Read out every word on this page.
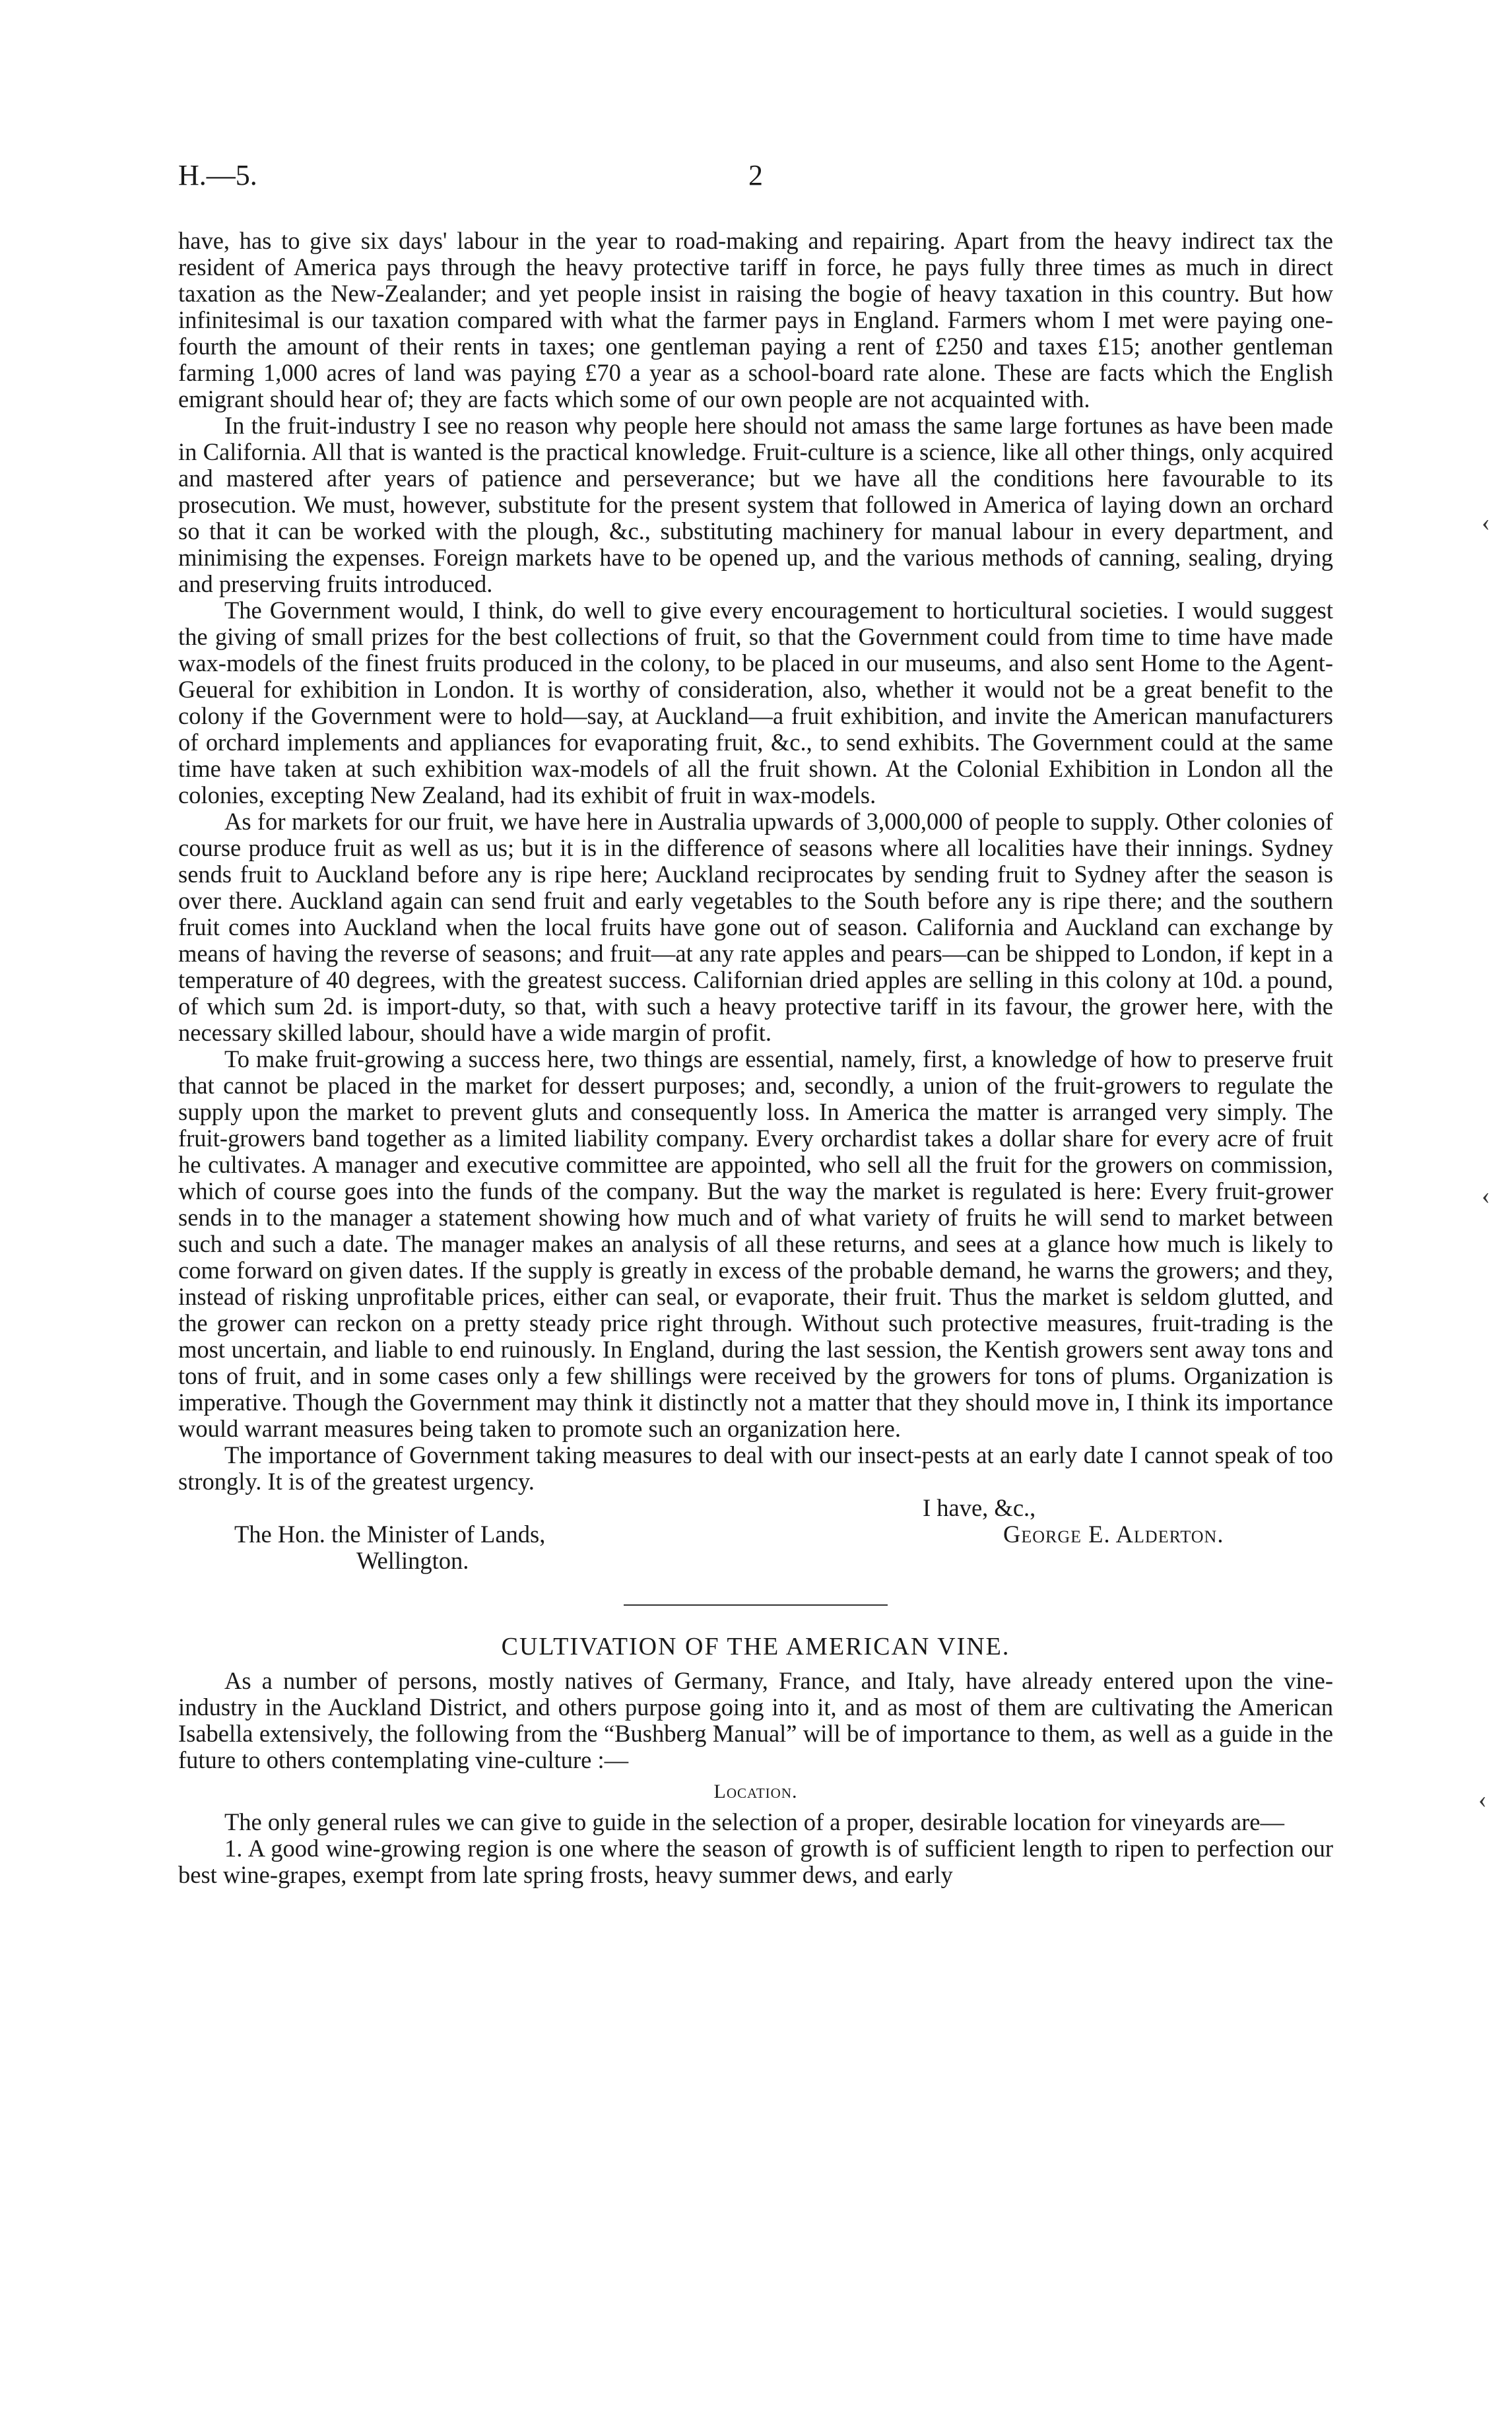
H.—5.	2

have, has to give six days' labour in the year to road-making and repairing. Apart from the heavy indirect tax the resident of America pays through the heavy protective tariff in force, he pays fully three times as much in direct taxation as the New-Zealander; and yet people insist in raising the bogie of heavy taxation in this country. But how infinitesimal is our taxation compared with what the farmer pays in England. Farmers whom I met were paying one-fourth the amount of their rents in taxes; one gentleman paying a rent of £250 and taxes £15; another gentleman farming 1,000 acres of land was paying £70 a year as a school-board rate alone. These are facts which the English emigrant should hear of; they are facts which some of our own people are not acquainted with.

In the fruit-industry I see no reason why people here should not amass the same large fortunes as have been made in California. All that is wanted is the practical knowledge. Fruit-culture is a science, like all other things, only acquired and mastered after years of patience and perseverance; but we have all the conditions here favourable to its prosecution. We must, however, substitute for the present system that followed in America of laying down an orchard so that it can be worked with the plough, &c., substituting machinery for manual labour in every department, and minimising the expenses. Foreign markets have to be opened up, and the various methods of canning, sealing, drying and preserving fruits introduced.

The Government would, I think, do well to give every encouragement to horticultural societies. I would suggest the giving of small prizes for the best collections of fruit, so that the Government could from time to time have made wax-models of the finest fruits produced in the colony, to be placed in our museums, and also sent Home to the Agent-Geueral for exhibition in London. It is worthy of consideration, also, whether it would not be a great benefit to the colony if the Government were to hold—say, at Auckland—a fruit exhibition, and invite the American manufacturers of orchard implements and appliances for evaporating fruit, &c., to send exhibits. The Government could at the same time have taken at such exhibition wax-models of all the fruit shown. At the Colonial Exhibition in London all the colonies, excepting New Zealand, had its exhibit of fruit in wax-models.

As for markets for our fruit, we have here in Australia upwards of 3,000,000 of people to supply. Other colonies of course produce fruit as well as us; but it is in the difference of seasons where all localities have their innings. Sydney sends fruit to Auckland before any is ripe here; Auckland reciprocates by sending fruit to Sydney after the season is over there. Auckland again can send fruit and early vegetables to the South before any is ripe there; and the southern fruit comes into Auckland when the local fruits have gone out of season. California and Auckland can exchange by means of having the reverse of seasons; and fruit—at any rate apples and pears—can be shipped to London, if kept in a temperature of 40 degrees, with the greatest success. Californian dried apples are selling in this colony at 10d. a pound, of which sum 2d. is import-duty, so that, with such a heavy protective tariff in its favour, the grower here, with the necessary skilled labour, should have a wide margin of profit.

To make fruit-growing a success here, two things are essential, namely, first, a knowledge of how to preserve fruit that cannot be placed in the market for dessert purposes; and, secondly, a union of the fruit-growers to regulate the supply upon the market to prevent gluts and consequently loss. In America the matter is arranged very simply. The fruit-growers band together as a limited liability company. Every orchardist takes a dollar share for every acre of fruit he cultivates. A manager and executive committee are appointed, who sell all the fruit for the growers on commission, which of course goes into the funds of the company. But the way the market is regulated is here: Every fruit-grower sends in to the manager a statement showing how much and of what variety of fruits he will send to market between such and such a date. The manager makes an analysis of all these returns, and sees at a glance how much is likely to come forward on given dates. If the supply is greatly in excess of the probable demand, he warns the growers; and they, instead of risking unprofitable prices, either can seal, or evaporate, their fruit. Thus the market is seldom glutted, and the grower can reckon on a pretty steady price right through. Without such protective measures, fruit-trading is the most uncertain, and liable to end ruinously. In England, during the last session, the Kentish growers sent away tons and tons of fruit, and in some cases only a few shillings were received by the growers for tons of plums. Organization is imperative. Though the Government may think it distinctly not a matter that they should move in, I think its importance would warrant measures being taken to promote such an organization here.

The importance of Government taking measures to deal with our insect-pests at an early date I cannot speak of too strongly. It is of the greatest urgency.

I have, &c.,
The Hon. the Minister of Lands,	George E. Alderton.
Wellington.
CULTIVATION OF THE AMERICAN VINE.

As a number of persons, mostly natives of Germany, France, and Italy, have already entered upon the vine-industry in the Auckland District, and others purpose going into it, and as most of them are cultivating the American Isabella extensively, the following from the “Bushberg Manual” will be of importance to them, as well as a guide in the future to others contemplating vine-culture :—

Location.

The only general rules we can give to guide in the selection of a proper, desirable location for vineyards are—

1. A good wine-growing region is one where the season of growth is of sufficient length to ripen to perfection our best wine-grapes, exempt from late spring frosts, heavy summer dews, and early

‹
‹
‹
